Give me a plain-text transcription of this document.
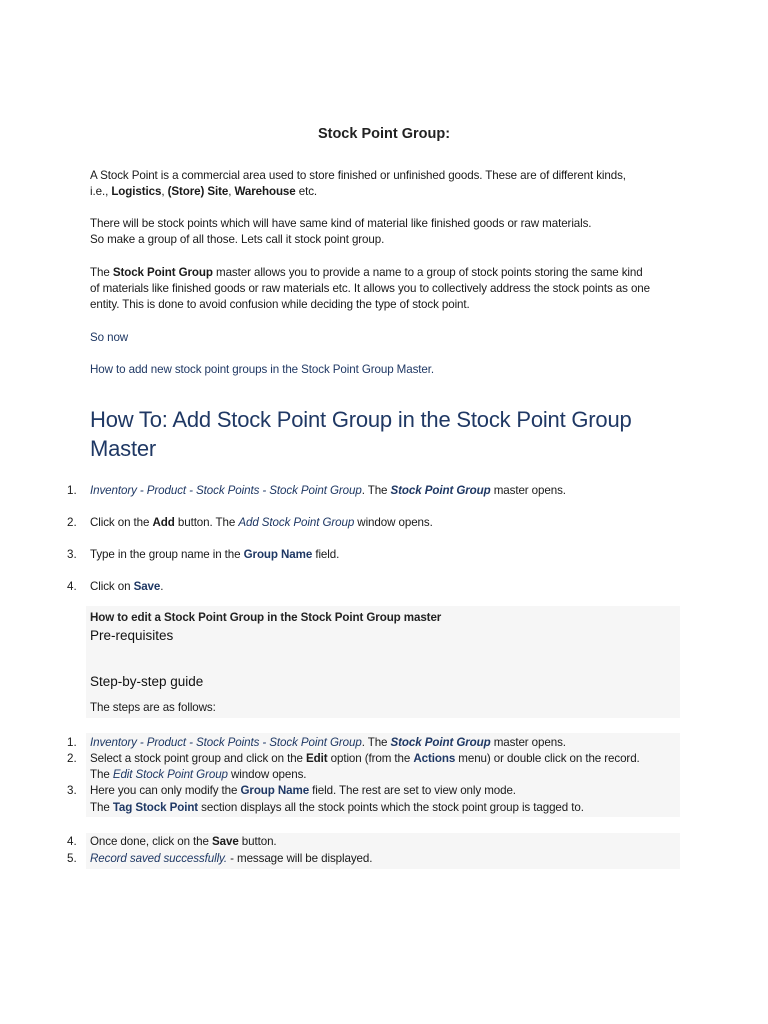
Stock Point Group:
A Stock Point is a commercial area used to store finished or unfinished goods. These are of different kinds,
i.e., Logistics, (Store) Site, Warehouse etc.
There will be stock points which will have same kind of material like finished goods or raw materials.
So make a group of all those. Lets call it stock point group.
The Stock Point Group master allows you to provide a name to a group of stock points storing the same kind
of materials like finished goods or raw materials etc. It allows you to collectively address the stock points as one
entity. This is done to avoid confusion while deciding the type of stock point.
So now
How to add new stock point groups in the Stock Point Group Master.
How To: Add Stock Point Group in the Stock Point Group
Master
1. Inventory - Product - Stock Points - Stock Point Group. The Stock Point Group master opens.
2. Click on the Add button. The Add Stock Point Group window opens.
3. Type in the group name in the Group Name field.
4. Click on Save.
How to edit a Stock Point Group in the Stock Point Group master
Pre-requisites
Step-by-step guide
The steps are as follows:
1. Inventory - Product - Stock Points - Stock Point Group. The Stock Point Group master opens.
2. Select a stock point group and click on the Edit option (from the Actions menu) or double click on the record.
The Edit Stock Point Group window opens.
3. Here you can only modify the Group Name field. The rest are set to view only mode.
The Tag Stock Point section displays all the stock points which the stock point group is tagged to.
4. Once done, click on the Save button.
5. Record saved successfully. - message will be displayed.
